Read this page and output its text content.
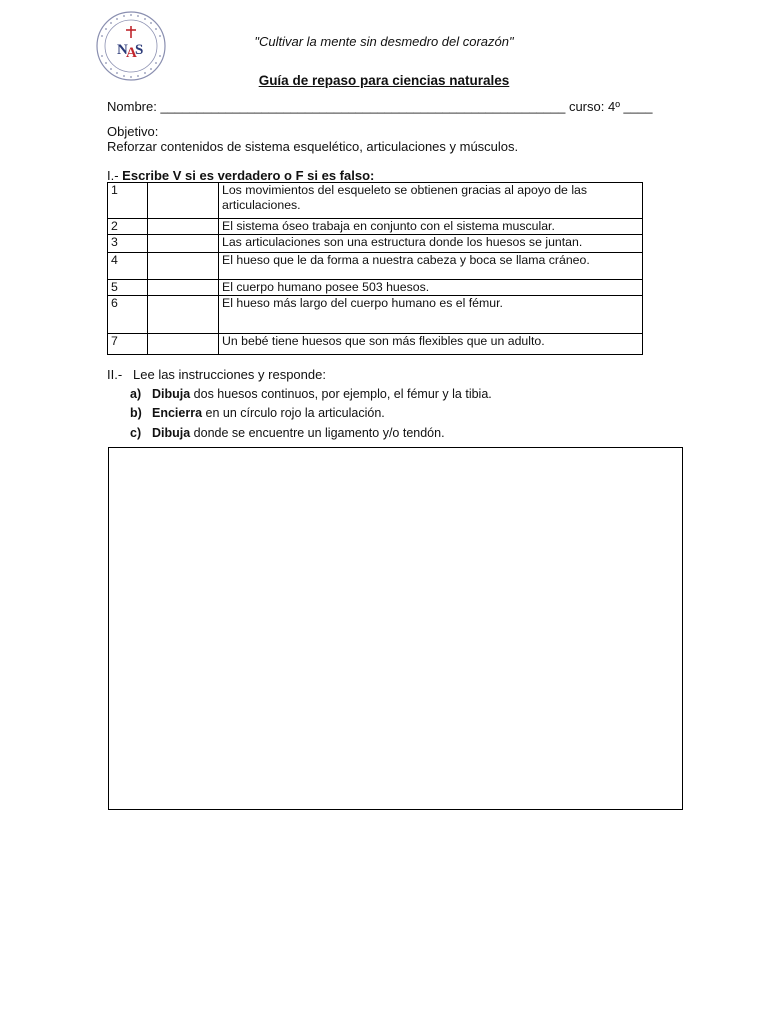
N
A
S
"Cultivar la mente sin desmedro del corazón"
Guía de repaso para ciencias naturales
Nombre: ________________________________________________________ curso: 4º ____
Objetivo:
Reforzar contenidos de sistema esquelético, articulaciones y músculos.
I.- Escribe V si es verdadero o F si es falso:
1		Los movimientos del esqueleto se obtienen gracias al apoyo de las articulaciones.
2		El sistema óseo trabaja en conjunto con el sistema muscular.
3		Las articulaciones son una estructura donde los huesos se juntan.
4		El hueso que le da forma a nuestra cabeza y boca se llama cráneo.
5		El cuerpo humano posee 503 huesos.
6		El hueso más largo del cuerpo humano es el fémur.
7		Un bebé tiene huesos que son más flexibles que un adulto.
II.- Lee las instrucciones y responde:
a) Dibuja dos huesos continuos, por ejemplo, el fémur y la tibia.
b) Encierra en un círculo rojo la articulación.
c) Dibuja donde se encuentre un ligamento y/o tendón.
